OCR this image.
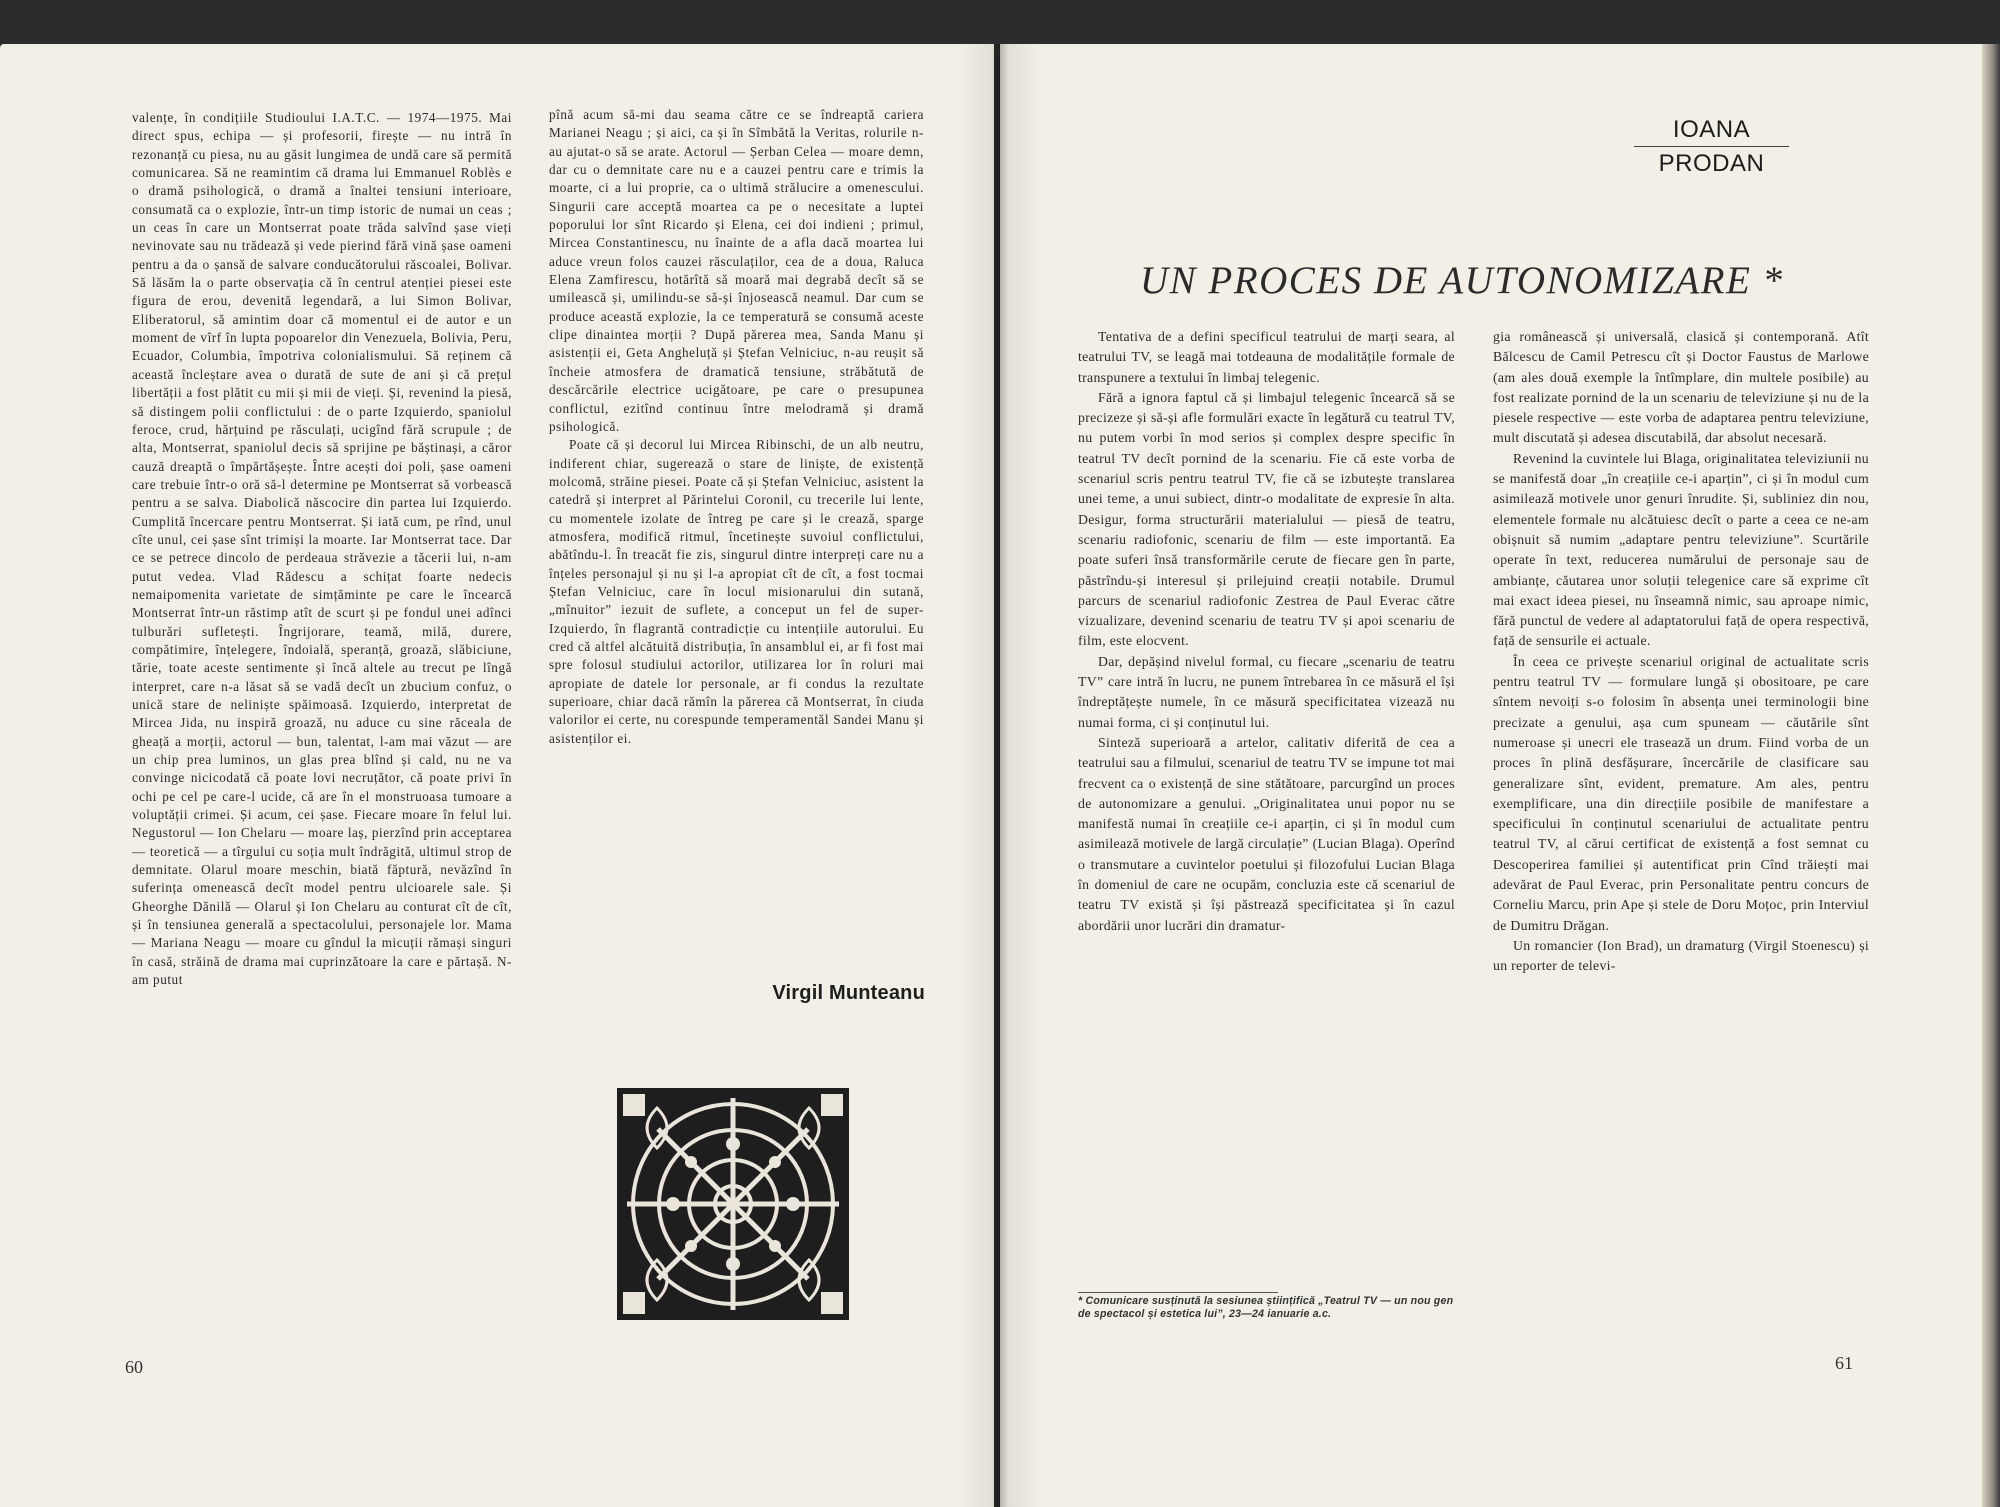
valențe, în condițiile Studioului I.A.T.C. — 1974—1975. Mai direct spus, echipa — și profesorii, firește — nu intră în rezonanță cu piesa, nu au găsit lungimea de undă care să permită comunicarea. Să ne reamintim că drama lui Emmanuel Roblès e o dramă psihologică, o dramă a înaltei tensiuni interioare, consumată ca o explozie, într-un timp istoric de numai un ceas ; un ceas în care un Montserrat poate trăda salvînd șase vieți nevinovate sau nu trădează și vede pierind fără vină șase oameni pentru a da o șansă de salvare conducătorului răscoalei, Bolivar. Să lăsăm la o parte observația că în centrul atenției piesei este figura de erou, devenită legendară, a lui Simon Bolivar, Eliberatorul, să amintim doar că momentul ei de autor e un moment de vîrf în lupta popoarelor din Venezuela, Bolivia, Peru, Ecuador, Columbia, împotriva colonialismului. Să reținem că această încleștare avea o durată de sute de ani și că prețul libertății a fost plătit cu mii și mii de vieți. Și, revenind la piesă, să distingem polii conflictului : de o parte Izquierdo, spaniolul feroce, crud, hărțuind pe răsculați, ucigînd fără scrupule ; de alta, Montserrat, spaniolul decis să sprijine pe băștinași, a căror cauză dreaptă o împărtășește. Între acești doi poli, șase oameni care trebuie într-o oră să-l determine pe Montserrat să vorbească pentru a se salva. Diabolică născocire din partea lui Izquierdo. Cumplită încercare pentru Montserrat. Și iată cum, pe rînd, unul cîte unul, cei șase sînt trimiși la moarte. Iar Montserrat tace. Dar ce se petrece dincolo de perdeaua străvezie a tăcerii lui, n-am putut vedea. Vlad Rădescu a schițat foarte nedecis nemaipomenita varietate de simțăminte pe care le încearcă Montserrat într-un răstimp atît de scurt și pe fondul unei adînci tulburări sufletești. Îngrijorare, teamă, milă, durere, compătimire, înțelegere, îndoială, speranță, groază, slăbiciune, tărie, toate aceste sentimente și încă altele au trecut pe lîngă interpret, care n-a lăsat să se vadă decît un zbucium confuz, o unică stare de neliniște spăimoasă. Izquierdo, interpretat de Mircea Jida, nu inspiră groază, nu aduce cu sine răceala de gheață a morții, actorul — bun, talentat, l-am mai văzut — are un chip prea luminos, un glas prea blînd și cald, nu ne va convinge nicicodată că poate lovi necruțător, că poate privi în ochi pe cel pe care-l ucide, că are în el monstruoasa tumoare a voluptății crimei. Și acum, cei șase. Fiecare moare în felul lui. Negustorul — Ion Chelaru — moare laș, pierzînd prin acceptarea — teoretică — a tîrgului cu soția mult îndrăgită, ultimul strop de demnitate. Olarul moare meschin, biată făptură, nevăzînd în suferința omenească decît model pentru ulcioarele sale. Și Gheorghe Dănilă — Olarul și Ion Chelaru au conturat cît de cît, și în tensiunea generală a spectacolului, personajele lor. Mama — Mariana Neagu — moare cu gîndul la micuții rămași singuri în casă, străină de drama mai cuprinzătoare la care e părtașă. N-am putut

pînă acum să-mi dau seama către ce se îndreaptă cariera Marianei Neagu ; și aici, ca și în Sîmbătă la Veritas, rolurile n-au ajutat-o să se arate. Actorul — Șerban Celea — moare demn, dar cu o demnitate care nu e a cauzei pentru care e trimis la moarte, ci a lui proprie, ca o ultimă strălucire a omenescului. Singurii care acceptă moartea ca pe o necesitate a luptei poporului lor sînt Ricardo și Elena, cei doi indieni ; primul, Mircea Constantinescu, nu înainte de a afla dacă moartea lui aduce vreun folos cauzei răsculaților, cea de a doua, Raluca Elena Zamfirescu, hotărîtă să moară mai degrabă decît să se umilească și, umilindu-se să-și înjosească neamul. Dar cum se produce această explozie, la ce temperatură se consumă aceste clipe dinaintea morții ? După părerea mea, Sanda Manu și asistenții ei, Geta Angheluță și Ștefan Velniciuc, n-au reușit să încheie atmosfera de dramatică tensiune, străbătută de descărcările electrice ucigătoare, pe care o presupunea conflictul, ezitînd continuu între melodramă și dramă psihologică.

Poate că și decorul lui Mircea Ribinschi, de un alb neutru, indiferent chiar, sugerează o stare de liniște, de existență molcomă, străine piesei. Poate că și Ștefan Velniciuc, asistent la catedră și interpret al Părintelui Coronil, cu trecerile lui lente, cu momentele izolate de întreg pe care și le crează, sparge atmosfera, modifică ritmul, încetinește suvoiul conflictului, abătîndu-l. În treacăt fie zis, singurul dintre interpreți care nu a înțeles personajul și nu și l-a apropiat cît de cît, a fost tocmai Ștefan Velniciuc, care în locul misionarului din sutană, „mînuitor” iezuit de suflete, a conceput un fel de super-Izquierdo, în flagrantă contradicție cu intențiile autorului. Eu cred că altfel alcătuită distribuția, în ansamblul ei, ar fi fost mai spre folosul studiului actorilor, utilizarea lor în roluri mai apropiate de datele lor personale, ar fi condus la rezultate superioare, chiar dacă rămîn la părerea că Montserrat, în ciuda valorilor ei certe, nu corespunde temperamentăl Sandei Manu și asistenților ei.

Virgil Munteanu
60
IOANA
PRODAN
UN PROCES DE AUTONOMIZARE *

Tentativa de a defini specificul teatrului de marți seara, al teatrului TV, se leagă mai totdeauna de modalitățile formale de transpunere a textului în limbaj telegenic.

Fără a ignora faptul că și limbajul telegenic încearcă să se precizeze și să-și afle formulări exacte în legătură cu teatrul TV, nu putem vorbi în mod serios și complex despre specific în teatrul TV decît pornind de la scenariu. Fie că este vorba de scenariul scris pentru teatrul TV, fie că se izbutește translarea unei teme, a unui subiect, dintr-o modalitate de expresie în alta. Desigur, forma structurării materialului — piesă de teatru, scenariu radiofonic, scenariu de film — este importantă. Ea poate suferi însă transformările cerute de fiecare gen în parte, păstrîndu-și interesul și prilejuind creații notabile. Drumul parcurs de scenariul radiofonic Zestrea de Paul Everac către vizualizare, devenind scenariu de teatru TV și apoi scenariu de film, este elocvent.

Dar, depășind nivelul formal, cu fiecare „scenariu de teatru TV” care intră în lucru, ne punem întrebarea în ce măsură el își îndreptățește numele, în ce măsură specificitatea vizează nu numai forma, ci și conținutul lui.

Sinteză superioară a artelor, calitativ diferită de cea a teatrului sau a filmului, scenariul de teatru TV se impune tot mai frecvent ca o existență de sine stătătoare, parcurgînd un proces de autonomizare a genului. „Originalitatea unui popor nu se manifestă numai în creațiile ce-i aparțin, ci și în modul cum asimilează motivele de largă circulație” (Lucian Blaga). Operînd o transmutare a cuvintelor poetului și filozofului Lucian Blaga în domeniul de care ne ocupăm, concluzia este că scenariul de teatru TV există și își păstrează specificitatea și în cazul abordării unor lucrări din dramatur-

gia românească și universală, clasică și contemporană. Atît Bălcescu de Camil Petrescu cît și Doctor Faustus de Marlowe (am ales două exemple la întîmplare, din multele posibile) au fost realizate pornind de la un scenariu de televiziune și nu de la piesele respective — este vorba de adaptarea pentru televiziune, mult discutată și adesea discutabilă, dar absolut necesară.

Revenind la cuvintele lui Blaga, originalitatea televiziunii nu se manifestă doar „în creațiile ce-i aparțin”, ci și în modul cum asimilează motivele unor genuri înrudite. Și, subliniez din nou, elementele formale nu alcătuiesc decît o parte a ceea ce ne-am obișnuit să numim „adaptare pentru televiziune”. Scurtările operate în text, reducerea numărului de personaje sau de ambianțe, căutarea unor soluții telegenice care să exprime cît mai exact ideea piesei, nu înseamnă nimic, sau aproape nimic, fără punctul de vedere al adaptatorului față de opera respectivă, față de sensurile ei actuale.

În ceea ce privește scenariul original de actualitate scris pentru teatrul TV — formulare lungă și obositoare, pe care sîntem nevoiți s-o folosim în absența unei terminologii bine precizate a genului, așa cum spuneam — căutările sînt numeroase și unecri ele trasează un drum. Fiind vorba de un proces în plină desfășurare, încercările de clasificare sau generalizare sînt, evident, premature. Am ales, pentru exemplificare, una din direcțiile posibile de manifestare a specificului în conținutul scenariului de actualitate pentru teatrul TV, al cărui certificat de existență a fost semnat cu Descoperirea familiei și autentificat prin Cînd trăiești mai adevărat de Paul Everac, prin Personalitate pentru concurs de Corneliu Marcu, prin Ape și stele de Doru Moțoc, prin Interviul de Dumitru Drăgan.

Un romancier (Ion Brad), un dramaturg (Virgil Stoenescu) și un reporter de televi-

* Comunicare susținută la sesiunea științifică „Teatrul TV — un nou gen de spectacol și estetica lui”, 23—24 ianuarie a.c.
61
